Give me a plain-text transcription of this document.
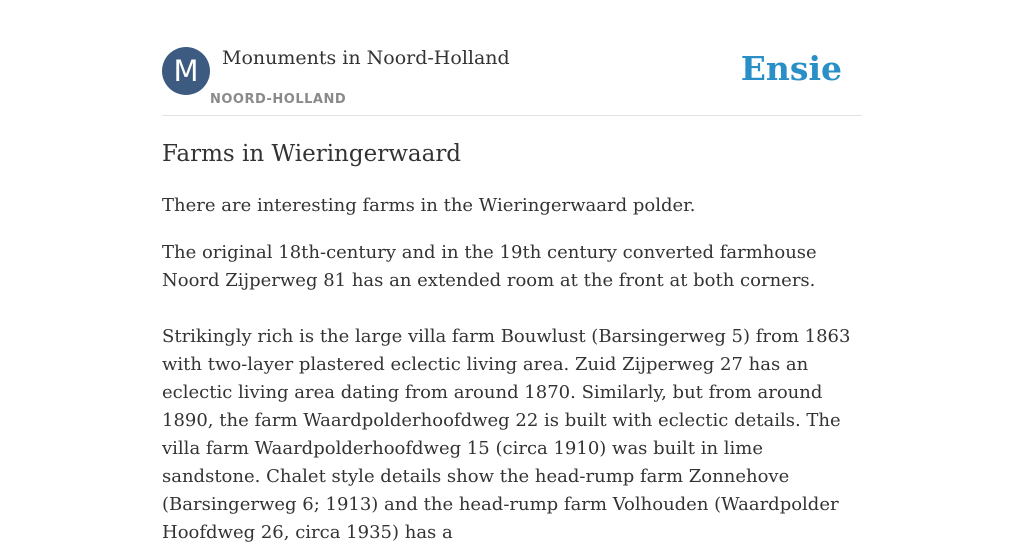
M	Monuments in Noord-Holland
NOORD-HOLLAND
Ensie
Farms in Wieringerwaard

There are interesting farms in the Wieringerwaard polder.

The original 18th-century and in the 19th century converted farmhouse Noord Zijperweg 81 has an extended room at the front at both corners.

Strikingly rich is the large villa farm Bouwlust (Barsingerweg 5) from 1863 with two-layer plastered eclectic living area. Zuid Zijperweg 27 has an eclectic living area dating from around 1870. Similarly, but from around 1890, the farm Waardpolderhoofdweg 22 is built with eclectic details. The villa farm Waardpolderhoofdweg 15 (circa 1910) was built in lime sandstone. Chalet style details show the head-rump farm Zonnehove (Barsingerweg 6; 1913) and the head-rump farm Volhouden (Waardpolder Hoofdweg 26, circa 1935) has a
